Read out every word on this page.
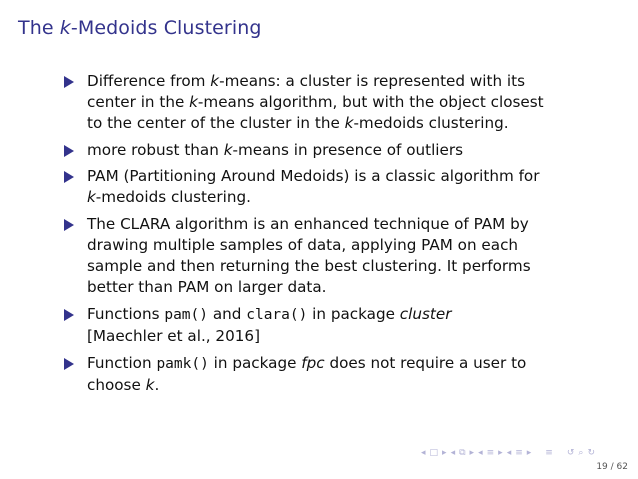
The k-Medoids Clustering
Difference from k-means: a cluster is represented with its
center in the k-means algorithm, but with the object closest
to the center of the cluster in the k-medoids clustering.
more robust than k-means in presence of outliers
PAM (Partitioning Around Medoids) is a classic algorithm for
k-medoids clustering.
The CLARA algorithm is an enhanced technique of PAM by
drawing multiple samples of data, applying PAM on each
sample and then returning the best clustering. It performs
better than PAM on larger data.
Functions pam() and clara() in package cluster
[Maechler et al., 2016]
Function pamk() in package fpc does not require a user to
choose k.
◂ □ ▸ ◂ ⧉ ▸ ◂ ≡ ▸ ◂ ≡ ▸ ≡ ↺ ⌕ ↻
19 / 62
